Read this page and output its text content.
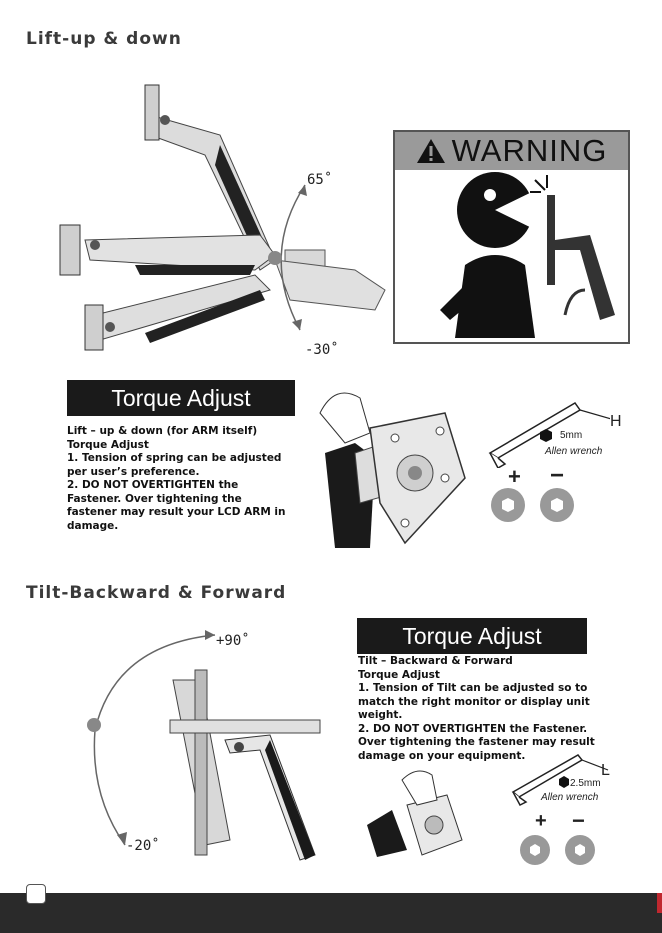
Lift-up & down
65˚
-30˚
WARNING
Torque Adjust
Lift – up & down (for ARM itself)
Torque Adjust
1. Tension of spring can be adjusted
per user’s preference.
2. DO NOT OVERTIGHTEN the
Fastener. Over tightening the
fastener may result your LCD ARM in
damage.
H
5mm
Allen wrench
+ −
Tilt-Backward & Forward
+90˚
-20˚
Torque Adjust
Tilt – Backward & Forward
Torque Adjust
1. Tension of Tilt can be adjusted so to
match the right monitor or display unit
weight.
2. DO NOT OVERTIGHTEN the Fastener.
Over tightening the fastener may result
damage on your equipment.
L
2.5mm
Allen wrench
+ −
